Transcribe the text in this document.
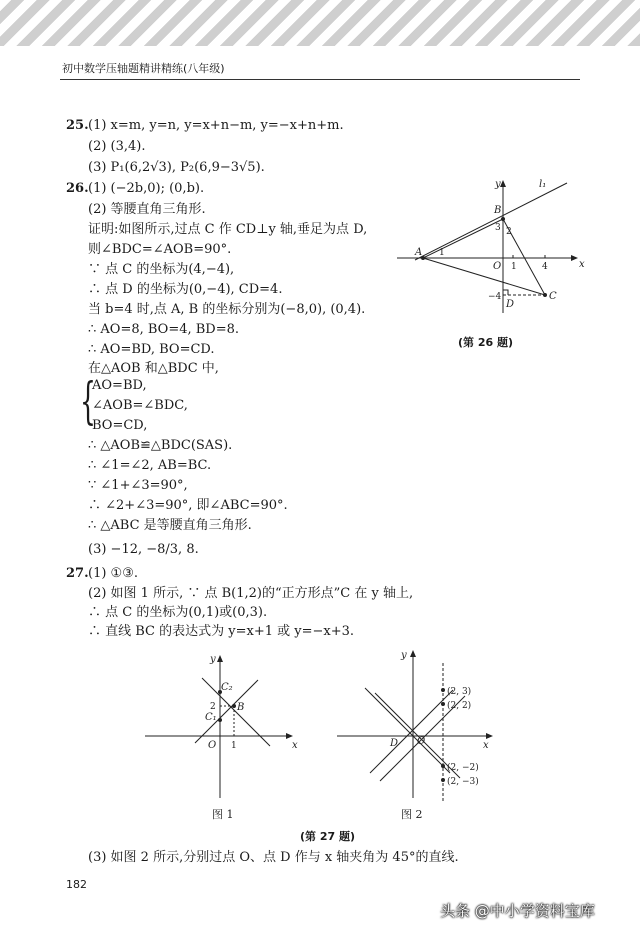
初中数学压轴题精讲精练(八年级)
25. (1) x=m, y=n, y=x+n−m, y=−x+n+m.
(2) (3,4).
(3) P₁(6,2√3), P₂(6,9−3√5).
26. (1) (−2b,0); (0,b).
(2) 等腰直角三角形.
证明:如图所示,过点 C 作 CD⊥y 轴,垂足为点 D,
则∠BDC=∠AOB=90°.
∵ 点 C 的坐标为(4,−4),
∴ 点 D 的坐标为(0,−4), CD=4.
当 b=4 时,点 A, B 的坐标分别为(−8,0), (0,4).
∴ AO=8, BO=4, BD=8.
∴ AO=BD, BO=CD.
在△AOB 和△BDC 中,
{
AO=BD,
∠AOB=∠BDC,
BO=CD,
∴ △AOB≌△BDC(SAS).
∴ ∠1=∠2, AB=BC.
∵ ∠1+∠3=90°,
∴ ∠2+∠3=90°, 即∠ABC=90°.
∴ △ABC 是等腰直角三角形.
(3) −12, −8/3, 8.
y
x
l₁
B
A
O
C
D
3 2
1
1	4
−4
(第 26 题)
27. (1) ①③.
(2) 如图 1 所示, ∵ 点 B(1,2)的“正方形点”C 在 y 轴上,
∴ 点 C 的坐标为(0,1)或(0,3).
∴ 直线 BC 的表达式为 y=x+1 或 y=−x+3.
y
x
O
B
C₁
C₂
2
1
图 1
y
x
O
D
(2, 3)
(2, 2)
(2, −2)
(2, −3)
图 2
(第 27 题)
(3) 如图 2 所示,分别过点 O、点 D 作与 x 轴夹角为 45°的直线.
182
头条 @中小学资料宝库
